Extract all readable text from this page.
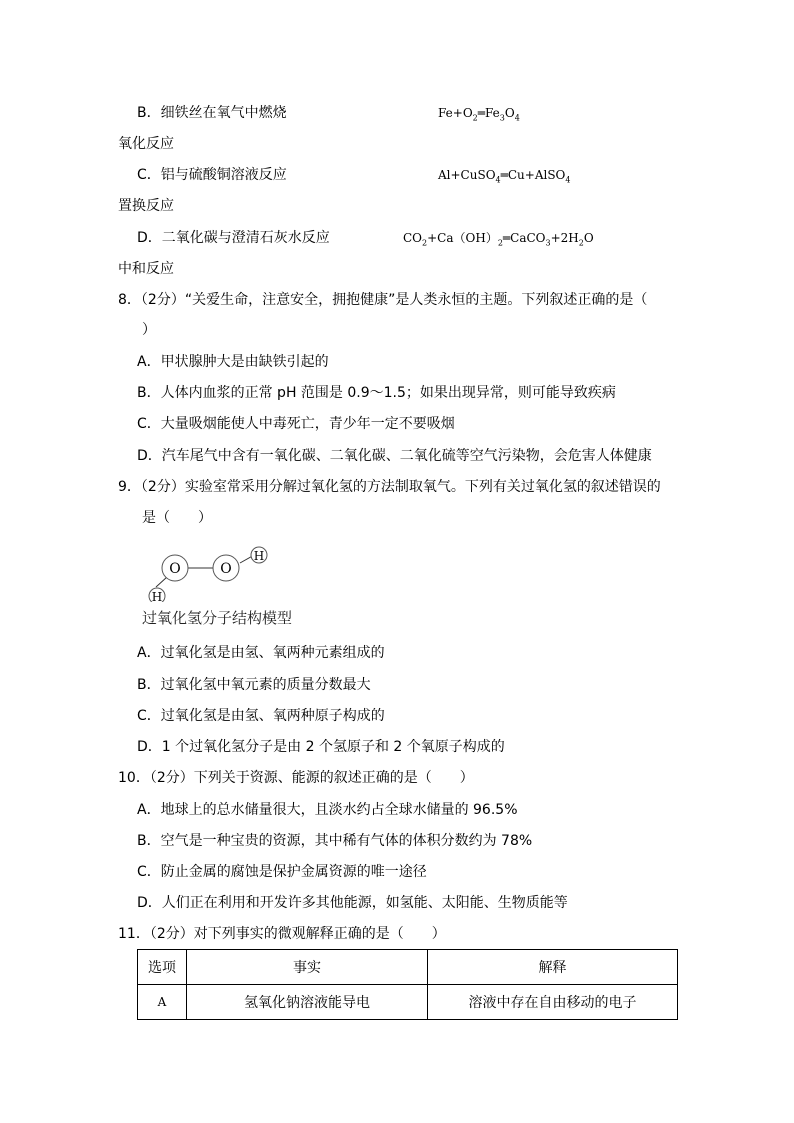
B．细铁丝在氧气中燃烧	$Fe+O_2═Fe_3O_4$
氧化反应
C．铝与硫酸铜溶液反应	Al+CuSO$_4$═Cu+AlSO$_4$
置换反应
D．二氧化碳与澄清石灰水反应	$CO_2+Ca(OH)_2═CaCO_3+2H_2O$
中和反应
8．（2分）“关爱生命，注意安全，拥抱健康”是人类永恒的主题。下列叙述正确的是（
）
A．甲状腺肿大是由缺铁引起的
B．人体内血浆的正常 pH 范围是 0.9～1.5；如果出现异常，则可能导致疾病
C．大量吸烟能使人中毒死亡，青少年一定不要吸烟
D．汽车尾气中含有一氧化碳、二氧化碳、二氧化硫等空气污染物，会危害人体健康
9．（2分）实验室常采用分解过氧化氢的方法制取氧气。下列有关过氧化氢的叙述错误的
是（　　）
O	O
H
H
过氧化氢分子结构模型
A．过氧化氢是由氢、氧两种元素组成的
B．过氧化氢中氧元素的质量分数最大
C．过氧化氢是由氢、氧两种原子构成的
D．1 个过氧化氢分子是由 2 个氢原子和 2 个氧原子构成的
10．（2分）下列关于资源、能源的叙述正确的是（　　）
A．地球上的总水储量很大，且淡水约占全球水储量的 96.5%
B．空气是一种宝贵的资源，其中稀有气体的体积分数约为 78%
C．防止金属的腐蚀是保护金属资源的唯一途径
D．人们正在利用和开发许多其他能源，如氢能、太阳能、生物质能等
11．（2分）对下列事实的微观解释正确的是（　　）
选项	事实	解释
A	氢氧化钠溶液能导电	溶液中存在自由移动的电子
